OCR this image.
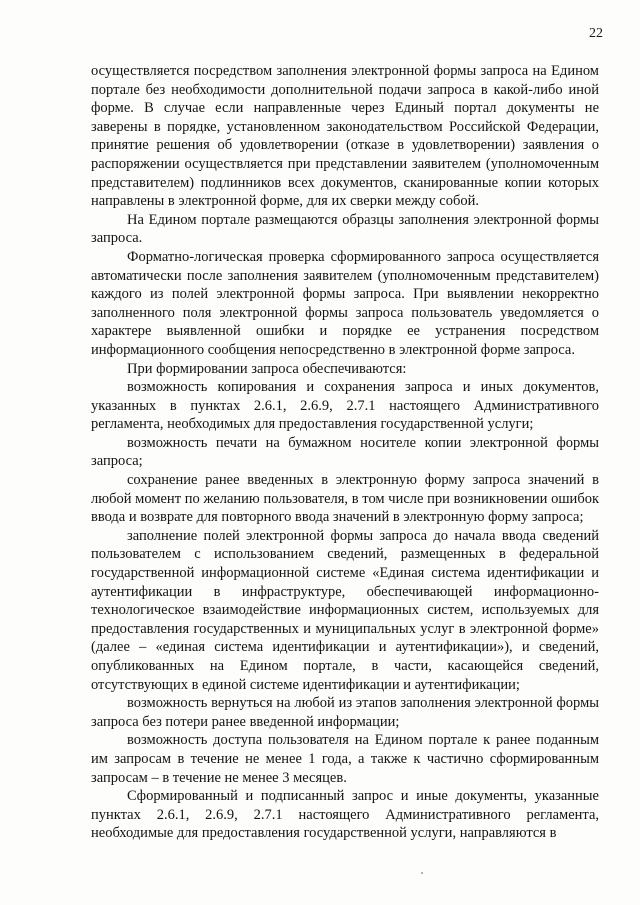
22

осуществляется посредством заполнения электронной формы запроса на Едином портале без необходимости дополнительной подачи запроса в какой-либо иной форме. В случае если направленные через Единый портал документы не заверены в порядке, установленном законодательством Российской Федерации, принятие решения об удовлетворении (отказе в удовлетворении) заявления о распоряжении осуществляется при представлении заявителем (уполномоченным представителем) подлинников всех документов, сканированные копии которых направлены в электронной форме, для их сверки между собой.

На Едином портале размещаются образцы заполнения электронной формы запроса.

Форматно-логическая проверка сформированного запроса осуществляется автоматически после заполнения заявителем (уполномоченным представителем) каждого из полей электронной формы запроса. При выявлении некорректно заполненного поля электронной формы запроса пользователь уведомляется о характере выявленной ошибки и порядке ее устранения посредством информационного сообщения непосредственно в электронной форме запроса.

При формировании запроса обеспечиваются:

возможность копирования и сохранения запроса и иных документов, указанных в пунктах 2.6.1, 2.6.9, 2.7.1 настоящего Административного регламента, необходимых для предоставления государственной услуги;

возможность печати на бумажном носителе копии электронной формы запроса;

сохранение ранее введенных в электронную форму запроса значений в любой момент по желанию пользователя, в том числе при возникновении ошибок ввода и возврате для повторного ввода значений в электронную форму запроса;

заполнение полей электронной формы запроса до начала ввода сведений пользователем с использованием сведений, размещенных в федеральной государственной информационной системе «Единая система идентификации и аутентификации в инфраструктуре, обеспечивающей информационно-технологическое взаимодействие информационных систем, используемых для предоставления государственных и муниципальных услуг в электронной форме» (далее – «единая система идентификации и аутентификации»), и сведений, опубликованных на Едином портале, в части, касающейся сведений, отсутствующих в единой системе идентификации и аутентификации;

возможность вернуться на любой из этапов заполнения электронной формы запроса без потери ранее введенной информации;

возможность доступа пользователя на Едином портале к ранее поданным им запросам в течение не менее 1 года, а также к частично сформированным запросам – в течение не менее 3 месяцев.

Сформированный и подписанный запрос и иные документы, указанные пунктах 2.6.1, 2.6.9, 2.7.1 настоящего Административного регламента, необходимые для предоставления государственной услуги, направляются в
